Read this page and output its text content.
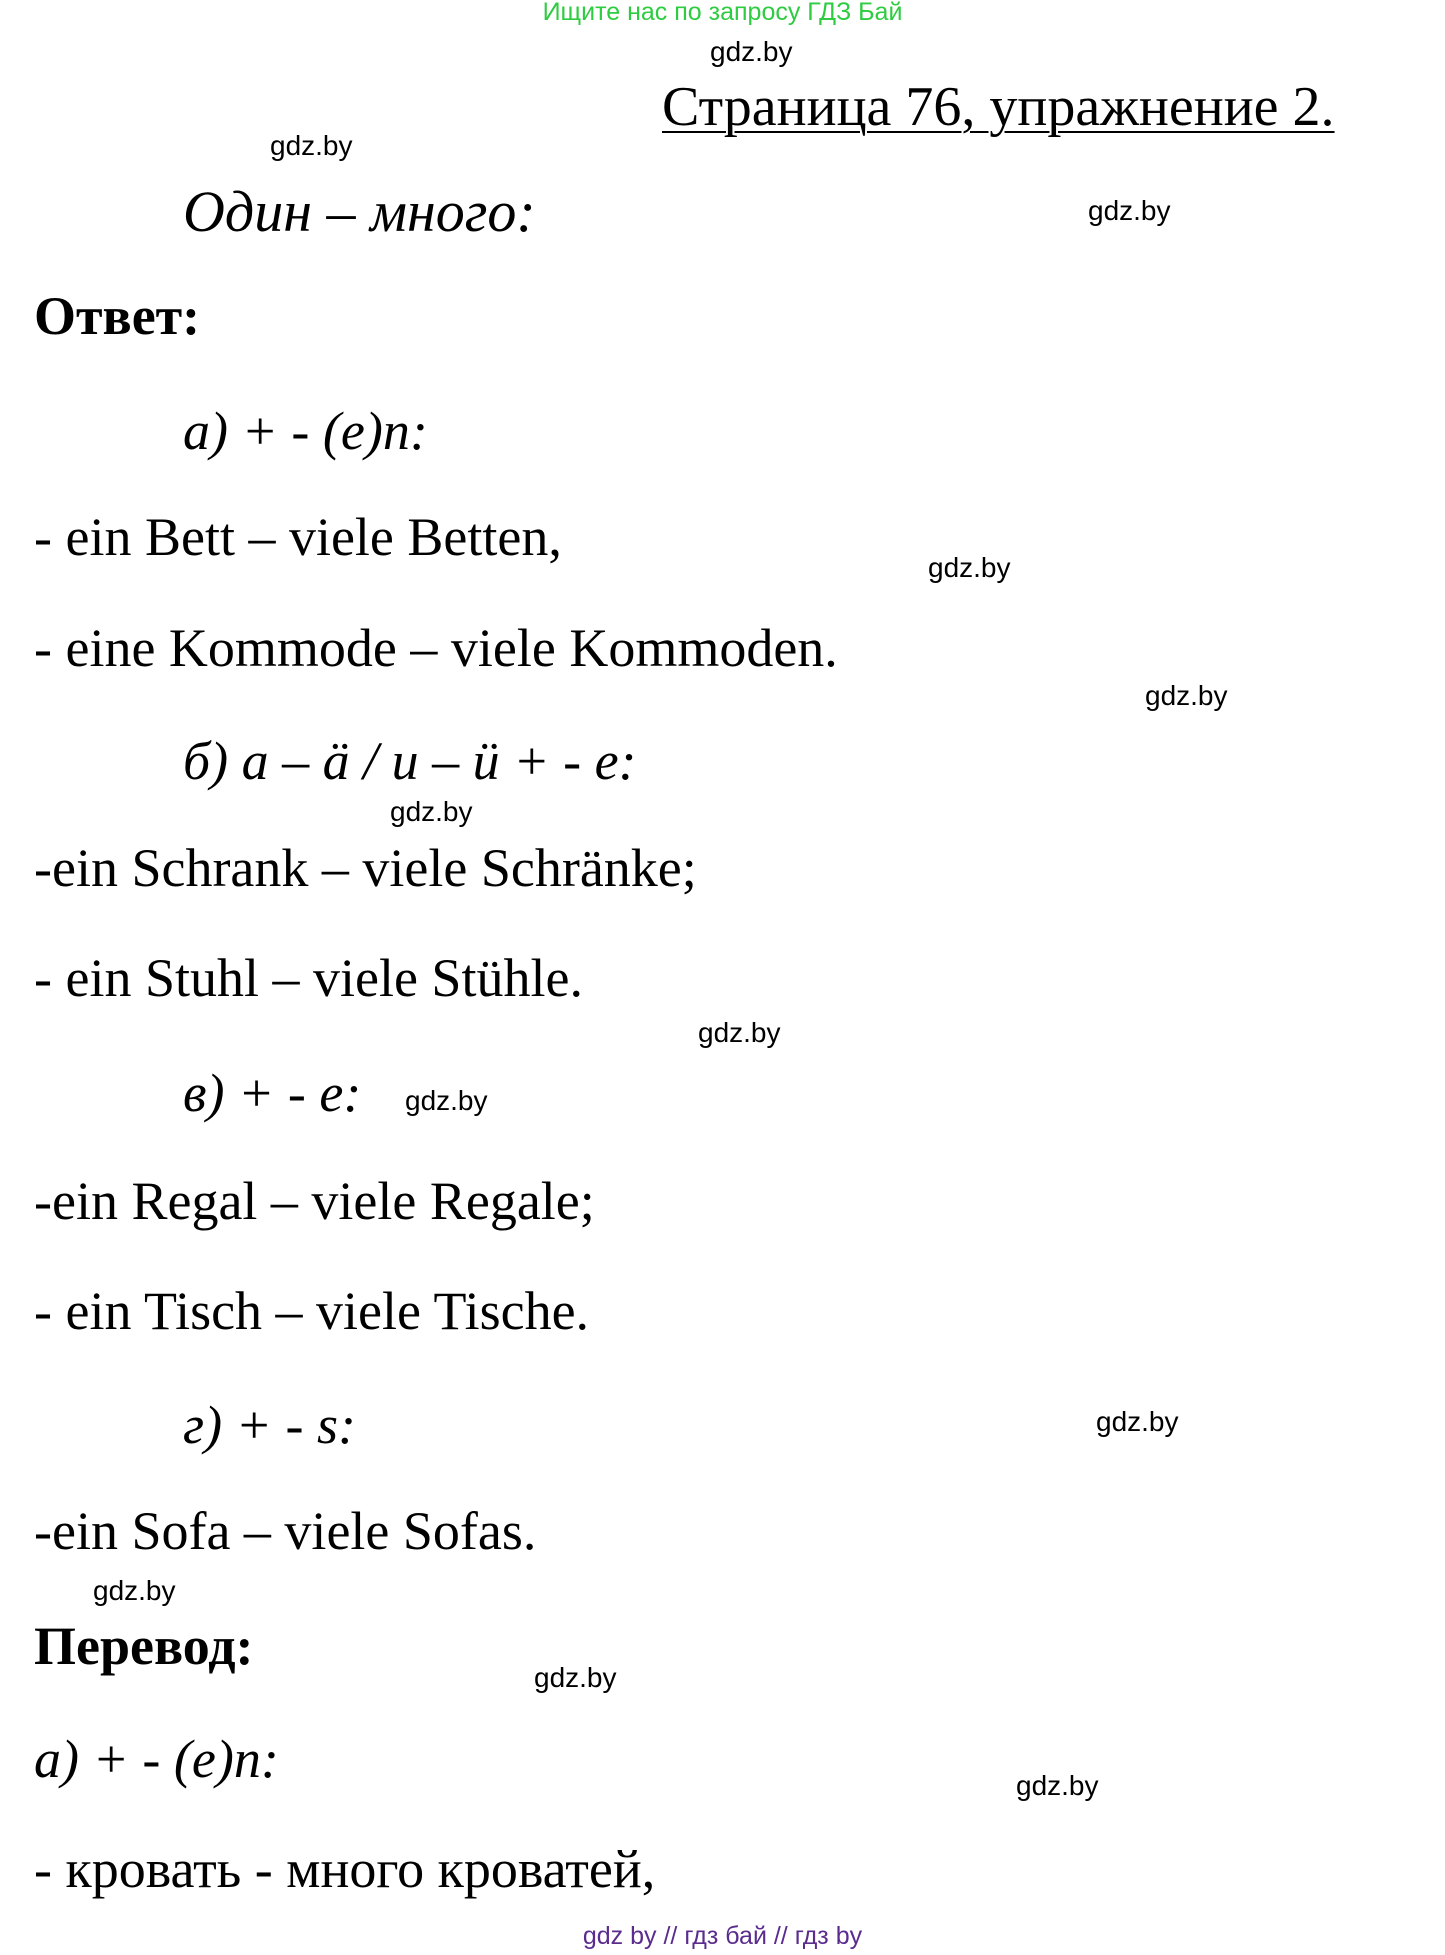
Ищите нас по запросу ГДЗ Бай
gdz.by
gdz.by
gdz.by
gdz.by
gdz.by
gdz.by
gdz.by
gdz.by
gdz.by
gdz.by
gdz.by
gdz.by
Страница 76, упражнение 2.
Один – много:
Ответ:
а) + - (е)n:
- ein Bett – viele Betten,
- eine Kommode – viele Kommoden.
б) a – ä / u – ü + - e:
-ein Schrank – viele Schränke;
- ein Stuhl – viele Stühle.
в) + - e:
-ein Regal – viele Regale;
- ein Tisch – viele Tische.
г) + - s:
-ein Sofa – viele Sofas.
Перевод:
а) + - (е)n:
- кровать - много кроватей,
gdz by // гдз бай // гдз by
